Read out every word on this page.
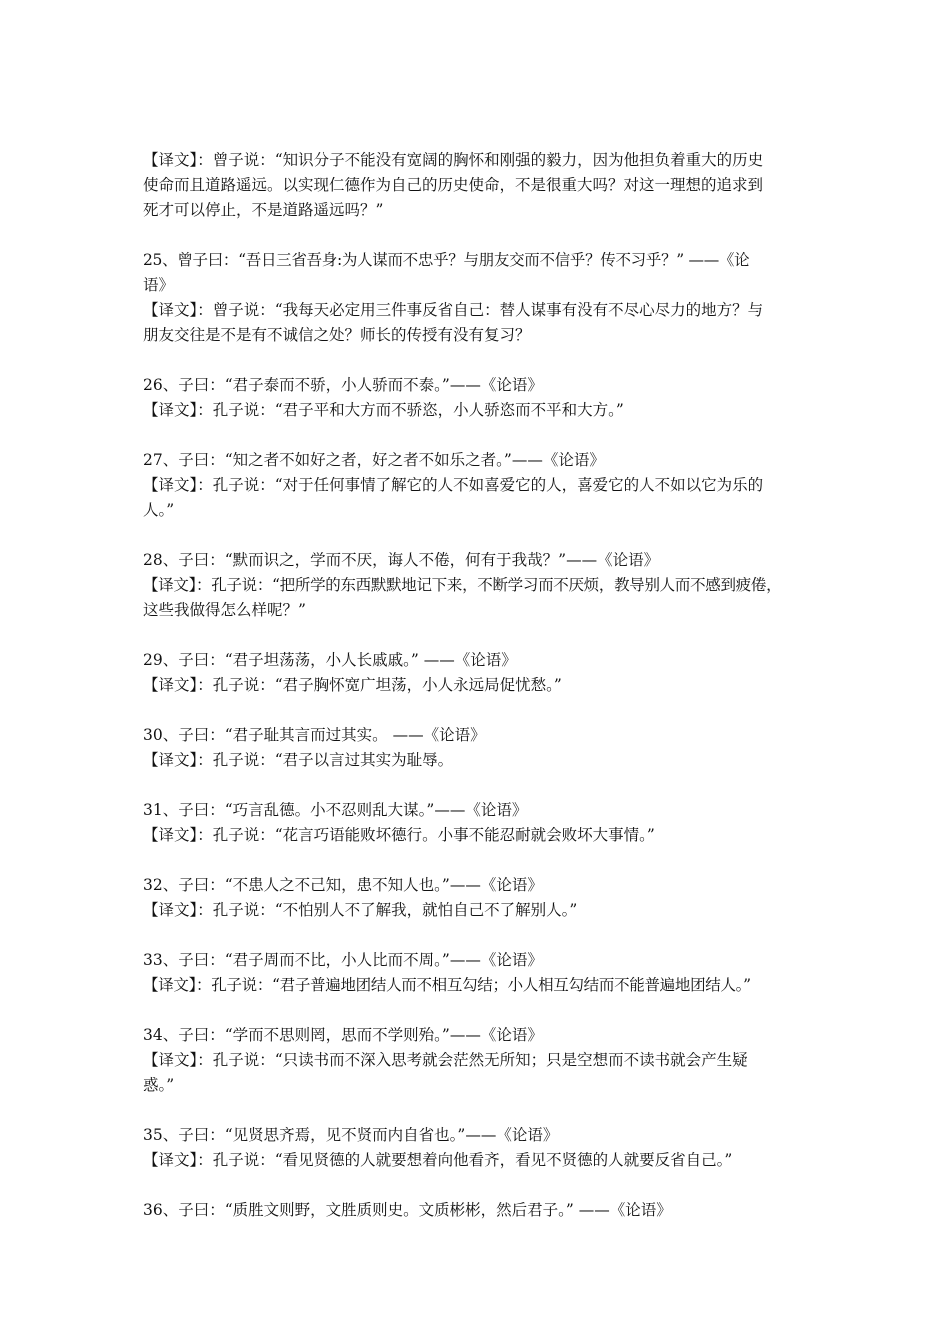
【译文】：曾子说：“知识分子不能没有宽阔的胸怀和刚强的毅力，因为他担负着重大的历史
使命而且道路遥远。以实现仁德作为自己的历史使命，不是很重大吗？对这一理想的追求到
死才可以停止，不是道路遥远吗？”
25、曾子曰：“吾日三省吾身:为人谋而不忠乎？与朋友交而不信乎？传不习乎？” ——《论
语》
【译文】：曾子说：“我每天必定用三件事反省自己：替人谋事有没有不尽心尽力的地方？与
朋友交往是不是有不诚信之处？师长的传授有没有复习？
26、子曰：“君子泰而不骄，小人骄而不泰。”——《论语》
【译文】：孔子说：“君子平和大方而不骄恣，小人骄恣而不平和大方。”
27、子曰：“知之者不如好之者，好之者不如乐之者。”——《论语》
【译文】：孔子说：“对于任何事情了解它的人不如喜爱它的人，喜爱它的人不如以它为乐的
人。”
28、子曰：“默而识之，学而不厌，诲人不倦，何有于我哉？”——《论语》
【译文】：孔子说：“把所学的东西默默地记下来，不断学习而不厌烦，教导别人而不感到疲倦，
这些我做得怎么样呢？”
29、子曰：“君子坦荡荡，小人长戚戚。” ——《论语》
【译文】：孔子说：“君子胸怀宽广坦荡，小人永远局促忧愁。”
30、子曰：“君子耻其言而过其实。 ——《论语》
【译文】：孔子说：“君子以言过其实为耻辱。
31、子曰：“巧言乱德。小不忍则乱大谋。”——《论语》
【译文】：孔子说：“花言巧语能败坏德行。小事不能忍耐就会败坏大事情。”
32、子曰：“不患人之不己知，患不知人也。”——《论语》
【译文】：孔子说：“不怕别人不了解我，就怕自己不了解别人。”
33、子曰：“君子周而不比，小人比而不周。”——《论语》
【译文】：孔子说：“君子普遍地团结人而不相互勾结；小人相互勾结而不能普遍地团结人。”
34、子曰：“学而不思则罔，思而不学则殆。”——《论语》
【译文】：孔子说：“只读书而不深入思考就会茫然无所知；只是空想而不读书就会产生疑
惑。”
35、子曰：“见贤思齐焉，见不贤而内自省也。”——《论语》
【译文】：孔子说：“看见贤德的人就要想着向他看齐，看见不贤德的人就要反省自己。”
36、子曰：“质胜文则野，文胜质则史。文质彬彬，然后君子。” ——《论语》
